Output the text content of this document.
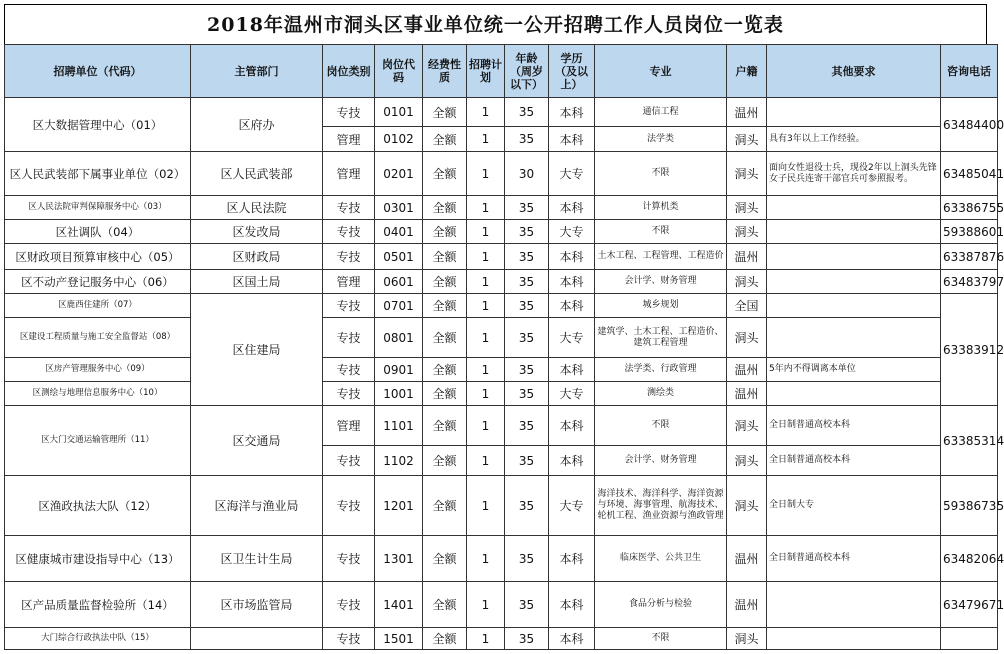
2018年温州市洞头区事业单位统一公开招聘工作人员岗位一览表
招聘单位（代码）	主管部门	岗位类别	岗位代码	经费性质	招聘计划	年龄（周岁以下）	学历（及以上）	专业	户籍	其他要求	咨询电话
区大数据管理中心（01）	区府办	专技	0101	全额	1	35	本科	通信工程	温州		63484400
		管理	0102	全额	1	35	本科	法学类	洞头	具有3年以上工作经验。	
区人民武装部下属事业单位（02）	区人民武装部	管理	0201	全额	1	30	大专	不限	洞头	面向女性退役士兵，现役2年以上洞头先锋女子民兵连寄干部官兵可参照报考。	63485041
区人民法院审判保障服务中心（03）	区人民法院	专技	0301	全额	1	35	本科	计算机类	洞头		63386755
区社调队（04）	区发改局	专技	0401	全额	1	35	大专	不限	洞头		59388601
区财政项目预算审核中心（05）	区财政局	专技	0501	全额	1	35	本科	土木工程、工程管理、工程造价	温州		63387876
区不动产登记服务中心（06）	区国土局	管理	0601	全额	1	35	本科	会计学、财务管理	洞头		63483797
区鹿西住建所（07）	区住建局	专技	0701	全额	1	35	本科	城乡规划	全国		63383912
区建设工程质量与施工安全监督站（08）		专技	0801	全额	1	35	大专	建筑学、土木工程、工程造价、建筑工程管理	洞头		
区房产管理服务中心（09）		专技	0901	全额	1	35	本科	法学类、行政管理	温州	5年内不得调离本单位	
区测绘与地理信息服务中心（10）		专技	1001	全额	1	35	大专	测绘类	温州		
区大门交通运输管理所（11）	区交通局	管理	1101	全额	1	35	本科	不限	洞头	全日制普通高校本科	63385314
		专技	1102	全额	1	35	本科	会计学、财务管理	洞头	全日制普通高校本科	
区渔政执法大队（12）	区海洋与渔业局	专技	1201	全额	1	35	大专	海洋技术、海洋科学、海洋资源与环境、海事管理、航海技术、轮机工程、渔业资源与渔政管理	洞头	全日制大专	59386735
区健康城市建设指导中心（13）	区卫生计生局	专技	1301	全额	1	35	本科	临床医学、公共卫生	温州	全日制普通高校本科	63482064
区产品质量监督检验所（14）	区市场监管局	专技	1401	全额	1	35	本科	食品分析与检验	温州		63479671
大门综合行政执法中队（15）		专技	1501	全额	1	35	本科	不限	洞头		
